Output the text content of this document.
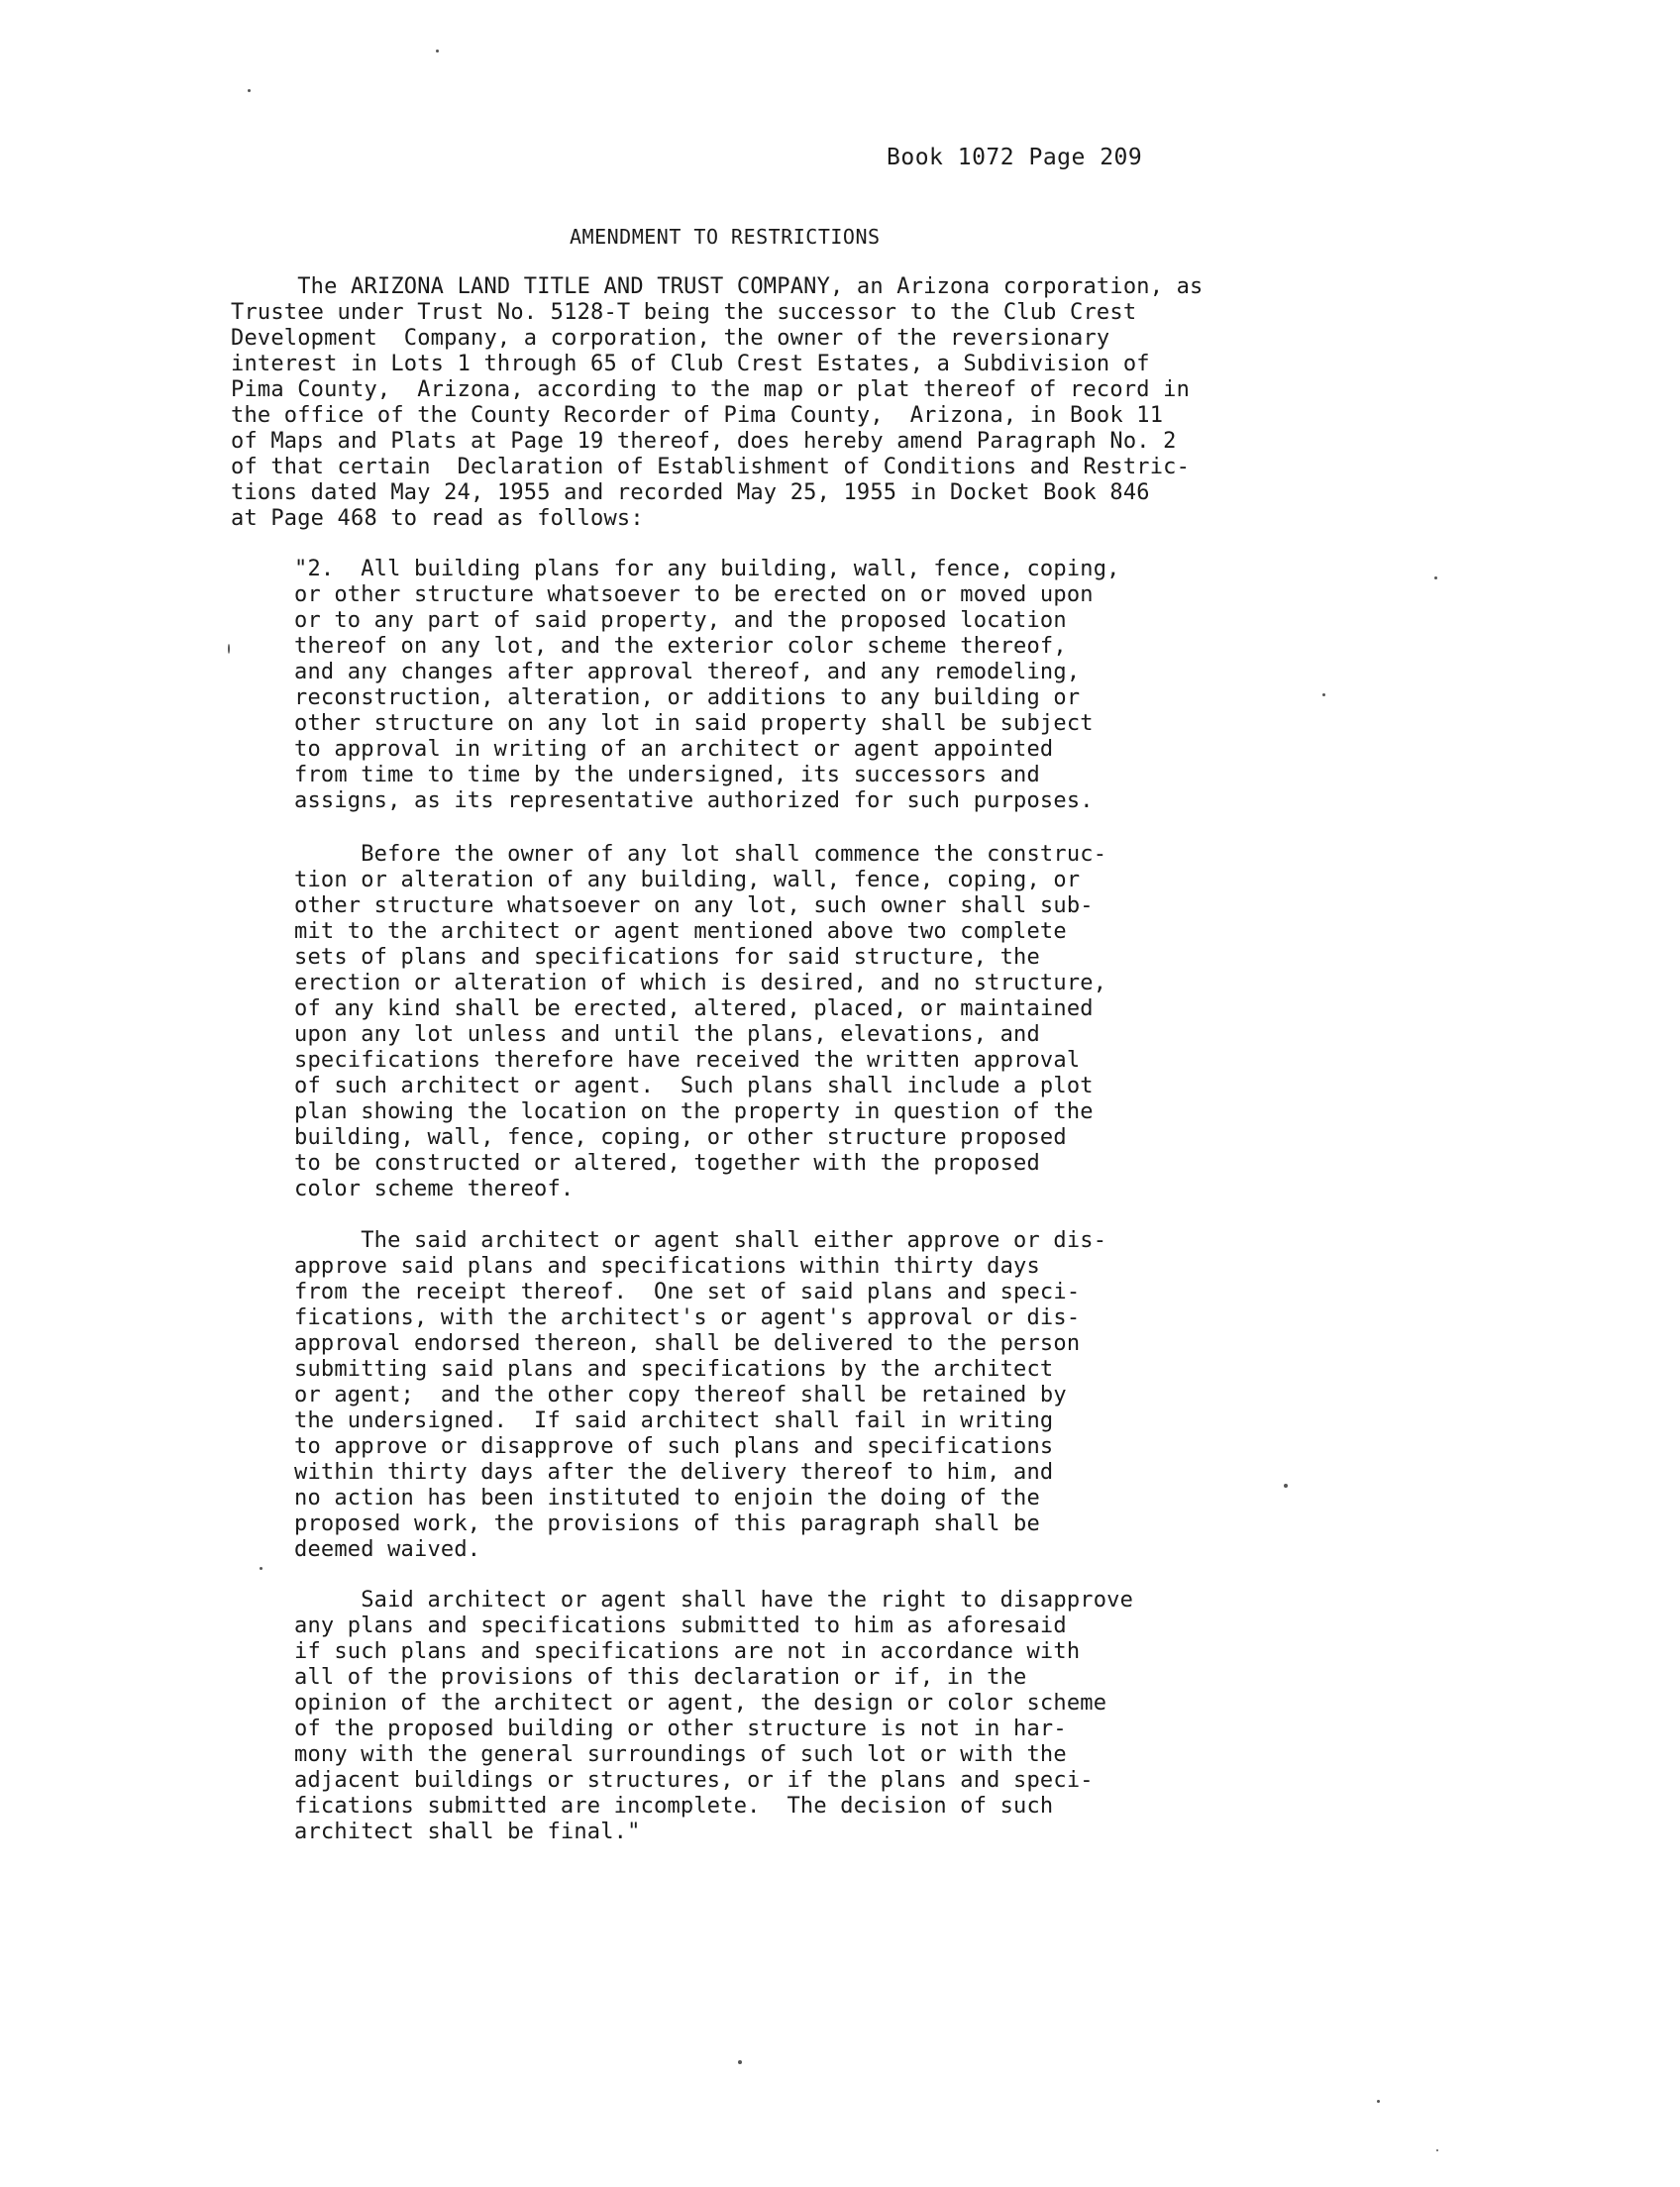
Book 1072 Page 209
AMENDMENT TO RESTRICTIONS
The ARIZONA LAND TITLE AND TRUST COMPANY, an Arizona corporation, as
Trustee under Trust No. 5128-T being the successor to the Club Crest
Development  Company, a corporation, the owner of the reversionary
interest in Lots 1 through 65 of Club Crest Estates, a Subdivision of
Pima County,  Arizona, according to the map or plat thereof of record in
the office of the County Recorder of Pima County,  Arizona, in Book 11
of Maps and Plats at Page 19 thereof, does hereby amend Paragraph No. 2
of that certain  Declaration of Establishment of Conditions and Restric-
tions dated May 24, 1955 and recorded May 25, 1955 in Docket Book 846
at Page 468 to read as follows:
"2.  All building plans for any building, wall, fence, coping,
or other structure whatsoever to be erected on or moved upon
or to any part of said property, and the proposed location
thereof on any lot, and the exterior color scheme thereof,
and any changes after approval thereof, and any remodeling,
reconstruction, alteration, or additions to any building or
other structure on any lot in said property shall be subject
to approval in writing of an architect or agent appointed
from time to time by the undersigned, its successors and
assigns, as its representative authorized for such purposes.
Before the owner of any lot shall commence the construc-
tion or alteration of any building, wall, fence, coping, or
other structure whatsoever on any lot, such owner shall sub-
mit to the architect or agent mentioned above two complete
sets of plans and specifications for said structure, the
erection or alteration of which is desired, and no structure,
of any kind shall be erected, altered, placed, or maintained
upon any lot unless and until the plans, elevations, and
specifications therefore have received the written approval
of such architect or agent.  Such plans shall include a plot
plan showing the location on the property in question of the
building, wall, fence, coping, or other structure proposed
to be constructed or altered, together with the proposed
color scheme thereof.
The said architect or agent shall either approve or dis-
approve said plans and specifications within thirty days
from the receipt thereof.  One set of said plans and speci-
fications, with the architect's or agent's approval or dis-
approval endorsed thereon, shall be delivered to the person
submitting said plans and specifications by the architect
or agent;  and the other copy thereof shall be retained by
the undersigned.  If said architect shall fail in writing
to approve or disapprove of such plans and specifications
within thirty days after the delivery thereof to him, and
no action has been instituted to enjoin the doing of the
proposed work, the provisions of this paragraph shall be
deemed waived.
Said architect or agent shall have the right to disapprove
any plans and specifications submitted to him as aforesaid
if such plans and specifications are not in accordance with
all of the provisions of this declaration or if, in the
opinion of the architect or agent, the design or color scheme
of the proposed building or other structure is not in har-
mony with the general surroundings of such lot or with the
adjacent buildings or structures, or if the plans and speci-
fications submitted are incomplete.  The decision of such
architect shall be final."
